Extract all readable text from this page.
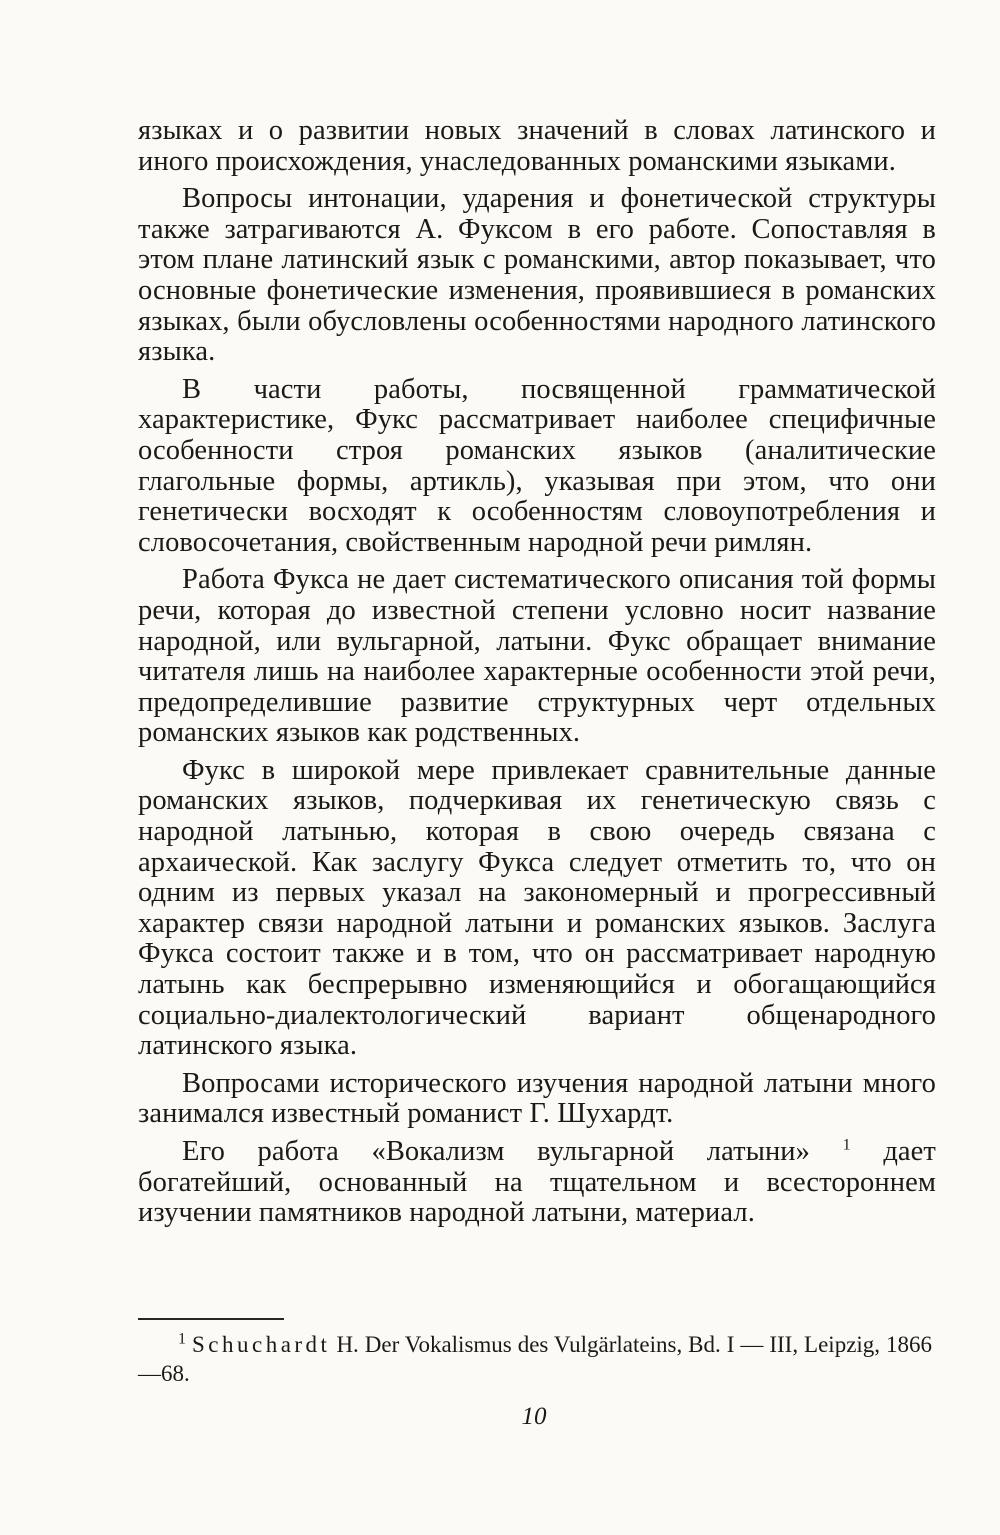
языках и о развитии новых значений в словах латинского и иного происхождения, унаследованных романскими языками.

Вопросы интонации, ударения и фонетической структуры также затрагиваются А. Фуксом в его работе. Сопоставляя в этом плане латинский язык с романскими, автор показывает, что основные фонетические изменения, проявившиеся в романских языках, были обусловлены особенностями народного латинского языка.

В части работы, посвященной грамматической характеристике, Фукс рассматривает наиболее специфичные особенности строя романских языков (аналитические глагольные формы, артикль), указывая при этом, что они генетически восходят к особенностям словоупотребления и словосочетания, свойственным народной речи римлян.

Работа Фукса не дает систематического описания той формы речи, которая до известной степени условно носит название народной, или вульгарной, латыни. Фукс обращает внимание читателя лишь на наиболее характерные особенности этой речи, предопределившие развитие структурных черт отдельных романских языков как родственных.

Фукс в широкой мере привлекает сравнительные данные романских языков, подчеркивая их генетическую связь с народной латынью, которая в свою очередь связана с архаической. Как заслугу Фукса следует отметить то, что он одним из первых указал на закономерный и прогрессивный характер связи народной латыни и романских языков. Заслуга Фукса состоит также и в том, что он рассматривает народную латынь как беспрерывно изменяющийся и обогащающийся социально-диалектологический вариант общенародного латинского языка.

Вопросами исторического изучения народной латыни много занимался известный романист Г. Шухардт.

Его работа «Вокализм вульгарной латыни» $^1$ дает богатейший, основанный на тщательном и всестороннем изучении памятников народной латыни, материал.

$^1$ Schuchardt H. Der Vokalismus des Vulgärlateins, Bd. I — III, Leipzig, 1866—68.
10
